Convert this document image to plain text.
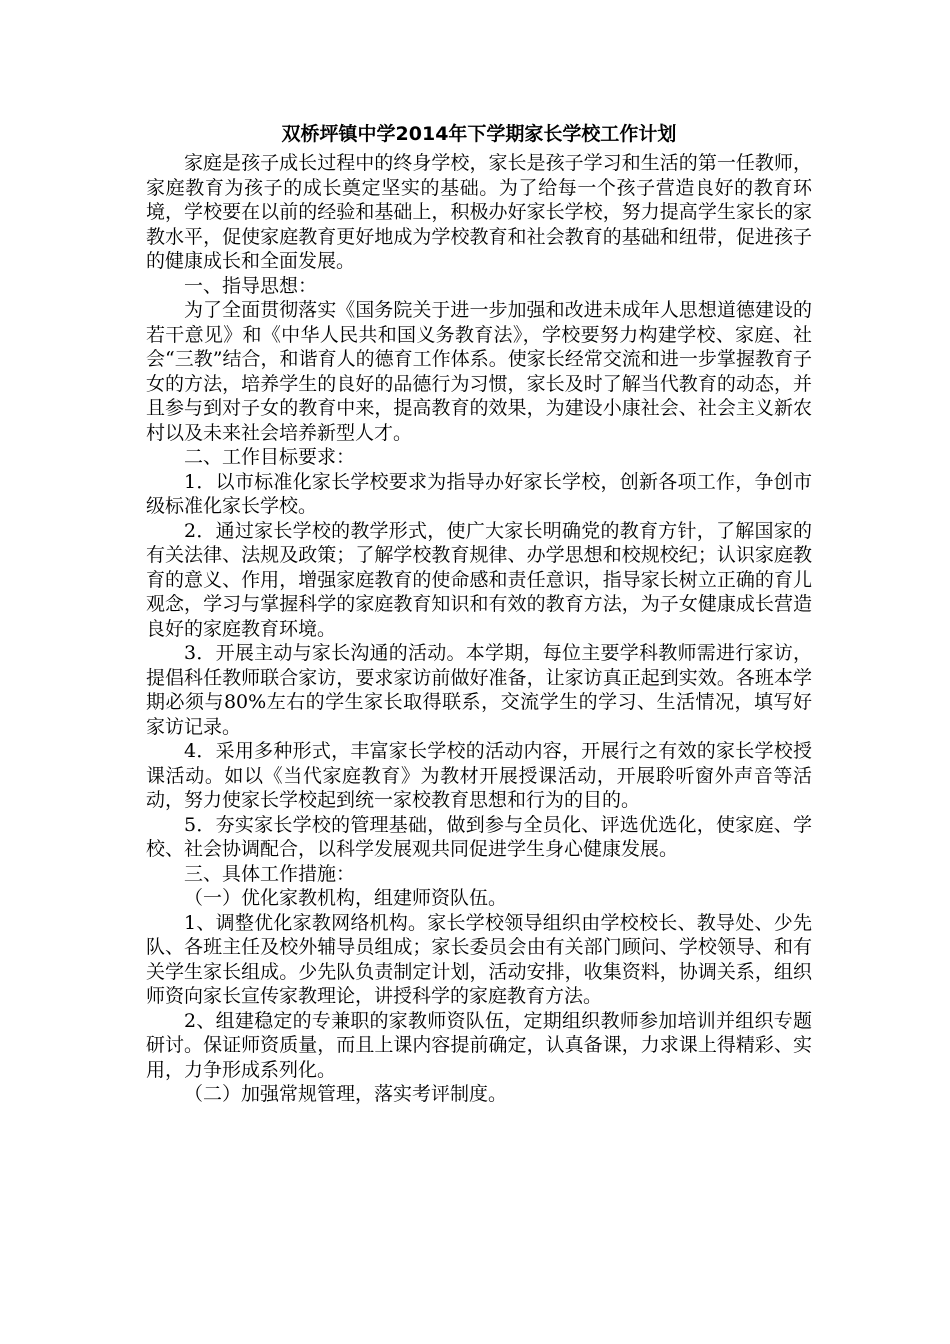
双桥坪镇中学2014年下学期家长学校工作计划

家庭是孩子成长过程中的终身学校，家长是孩子学习和生活的第一任教师，家庭教育为孩子的成长奠定坚实的基础。为了给每一个孩子营造良好的教育环境，学校要在以前的经验和基础上，积极办好家长学校，努力提高学生家长的家教水平，促使家庭教育更好地成为学校教育和社会教育的基础和纽带，促进孩子的健康成长和全面发展。

一、指导思想：

为了全面贯彻落实《国务院关于进一步加强和改进未成年人思想道德建设的若干意见》和《中华人民共和国义务教育法》，学校要努力构建学校、家庭、社会“三教”结合，和谐育人的德育工作体系。使家长经常交流和进一步掌握教育子女的方法，培养学生的良好的品德行为习惯，家长及时了解当代教育的动态，并且参与到对子女的教育中来，提高教育的效果，为建设小康社会、社会主义新农村以及未来社会培养新型人才。

二、工作目标要求：

1．以市标准化家长学校要求为指导办好家长学校，创新各项工作，争创市级标准化家长学校。

2．通过家长学校的教学形式，使广大家长明确党的教育方针，了解国家的有关法律、法规及政策；了解学校教育规律、办学思想和校规校纪；认识家庭教育的意义、作用，增强家庭教育的使命感和责任意识，指导家长树立正确的育儿观念，学习与掌握科学的家庭教育知识和有效的教育方法，为子女健康成长营造良好的家庭教育环境。

3．开展主动与家长沟通的活动。本学期，每位主要学科教师需进行家访，提倡科任教师联合家访，要求家访前做好准备，让家访真正起到实效。各班本学期必须与80%左右的学生家长取得联系，交流学生的学习、生活情况，填写好家访记录。

4．采用多种形式，丰富家长学校的活动内容，开展行之有效的家长学校授课活动。如以《当代家庭教育》为教材开展授课活动，开展聆听窗外声音等活动，努力使家长学校起到统一家校教育思想和行为的目的。

5．夯实家长学校的管理基础，做到参与全员化、评选优选化，使家庭、学校、社会协调配合，以科学发展观共同促进学生身心健康发展。

三、具体工作措施：

（一）优化家教机构，组建师资队伍。

1、调整优化家教网络机构。家长学校领导组织由学校校长、教导处、少先队、各班主任及校外辅导员组成；家长委员会由有关部门顾问、学校领导、和有关学生家长组成。少先队负责制定计划，活动安排，收集资料，协调关系，组织师资向家长宣传家教理论，讲授科学的家庭教育方法。

2、组建稳定的专兼职的家教师资队伍，定期组织教师参加培训并组织专题研讨。保证师资质量，而且上课内容提前确定，认真备课，力求课上得精彩、实用，力争形成系列化。

（二）加强常规管理，落实考评制度。
